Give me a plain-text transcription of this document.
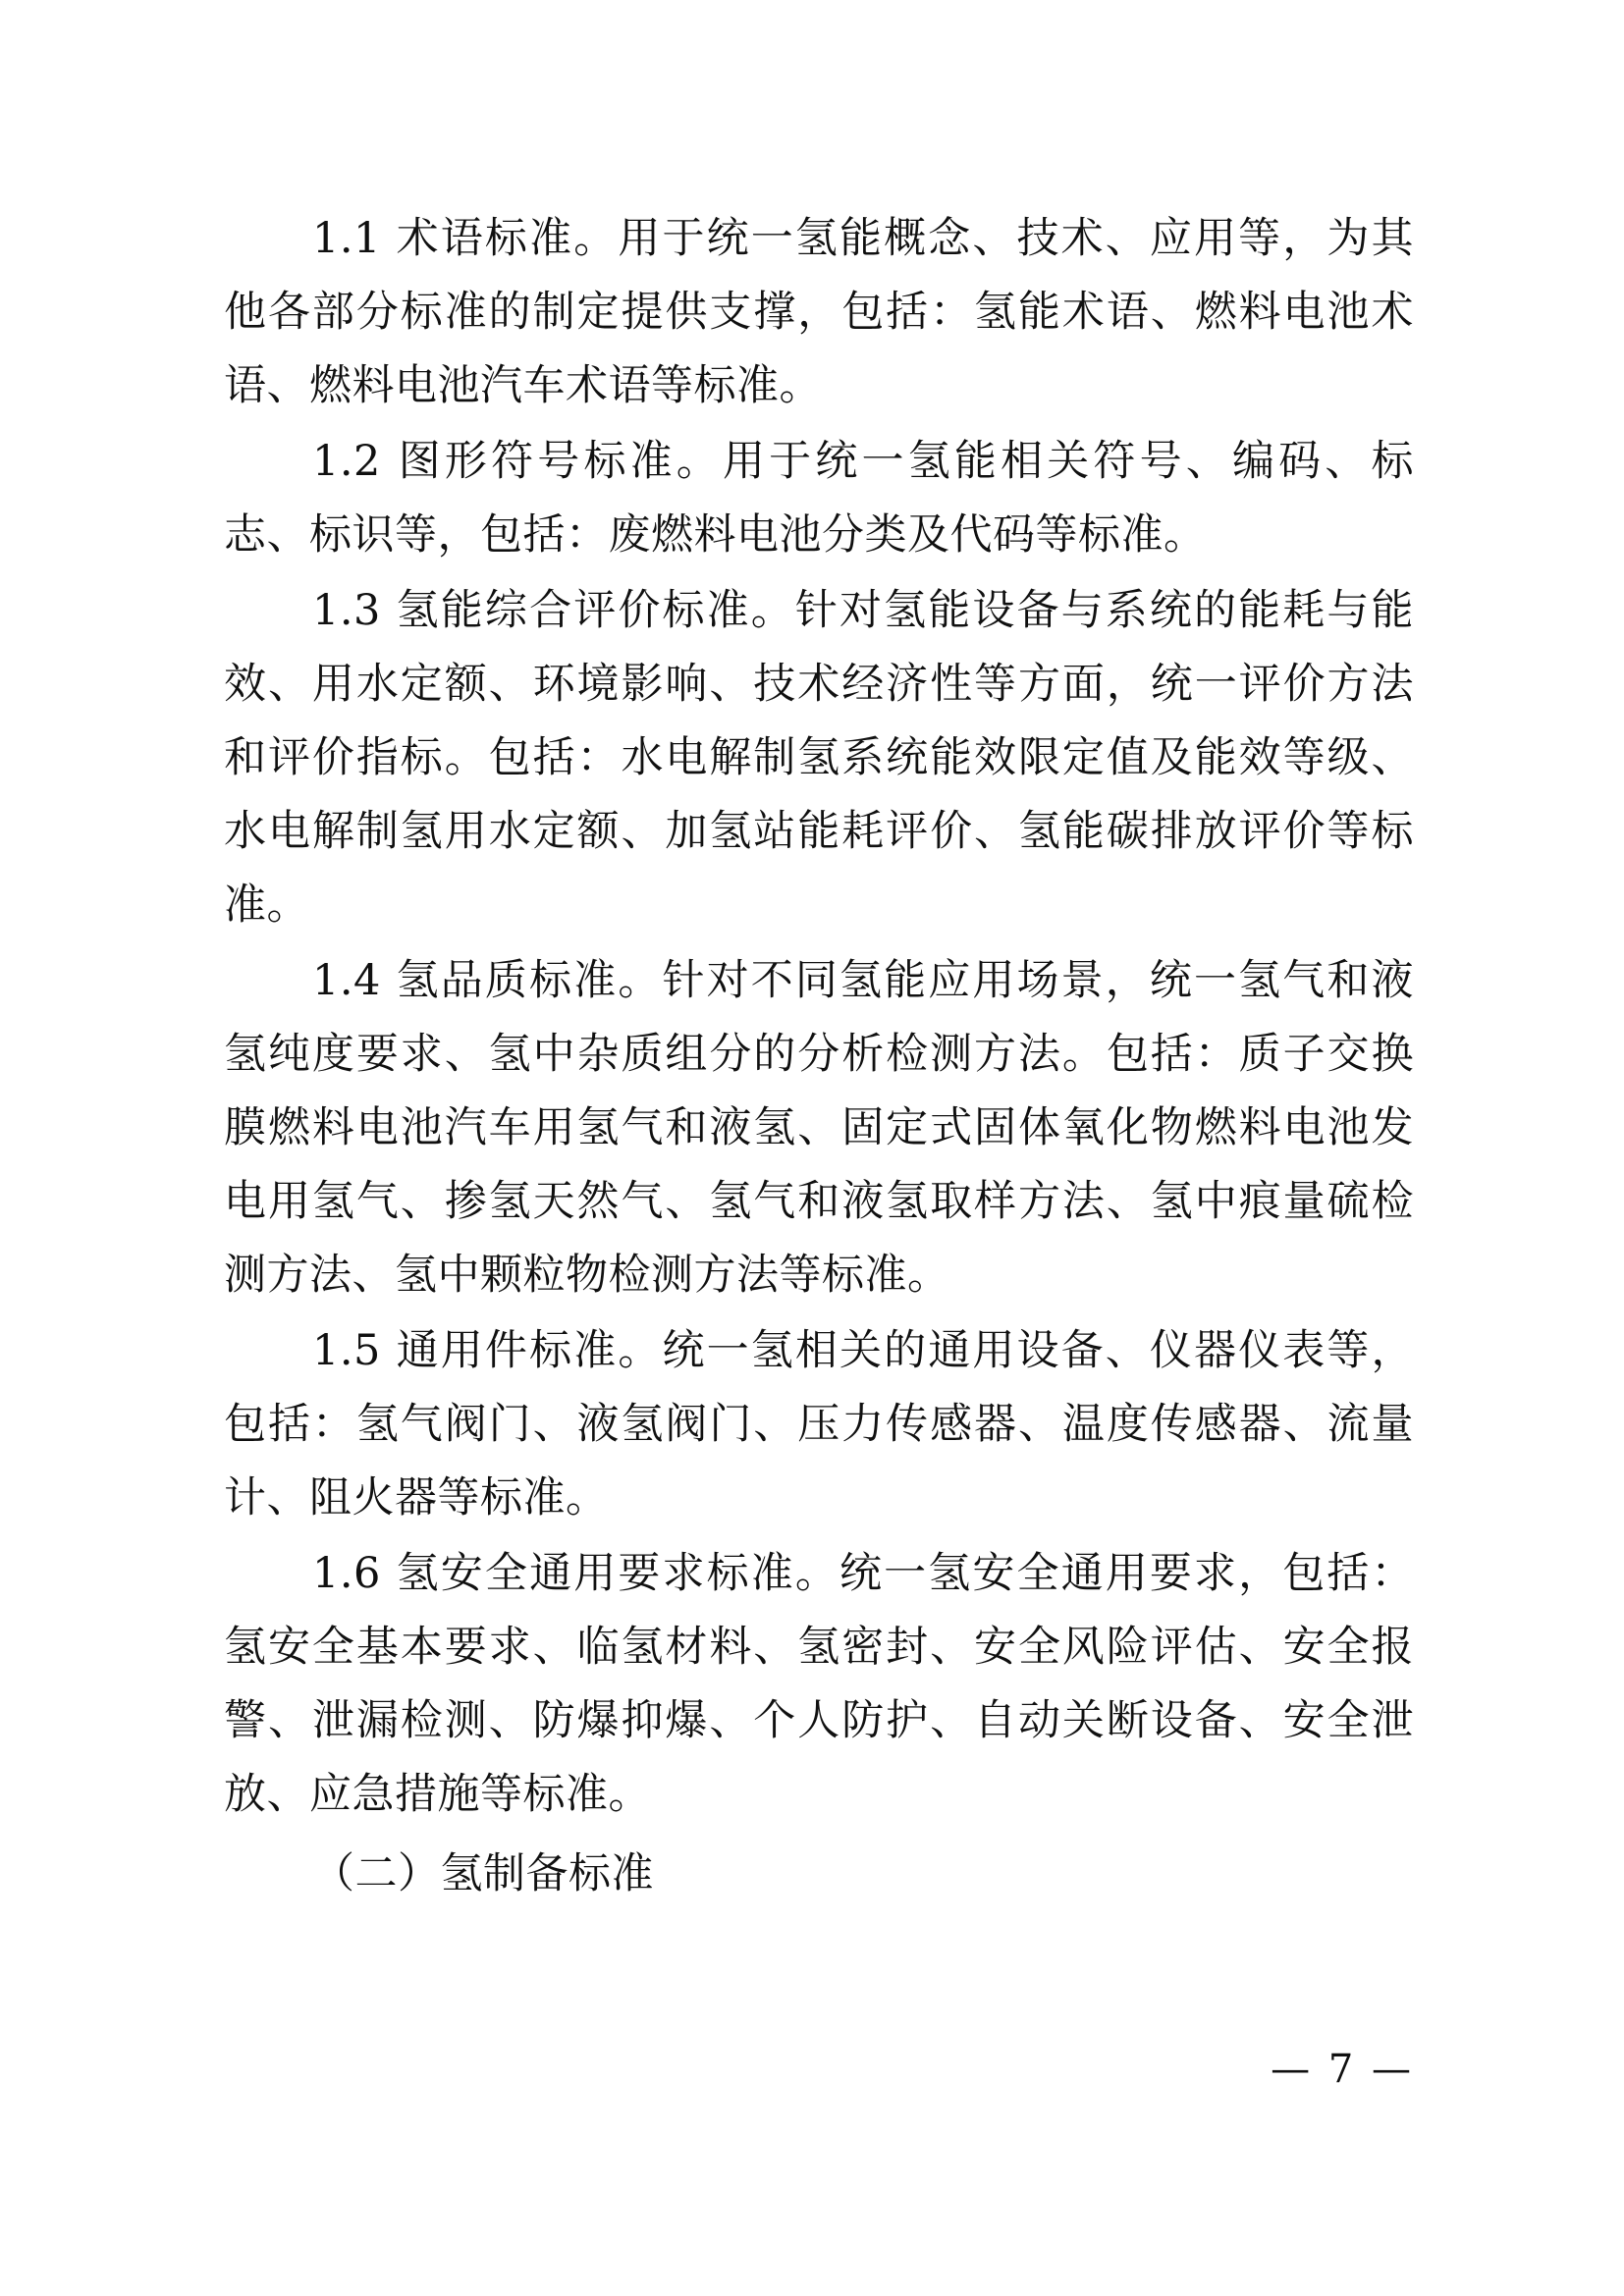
1.1 术语标准。用于统一氢能概念、技术、应用等，为其他各部分标准的制定提供支撑，包括：氢能术语、燃料电池术语、燃料电池汽车术语等标准。

1.2 图形符号标准。用于统一氢能相关符号、编码、标志、标识等，包括：废燃料电池分类及代码等标准。

1.3 氢能综合评价标准。针对氢能设备与系统的能耗与能效、用水定额、环境影响、技术经济性等方面，统一评价方法和评价指标。包括：水电解制氢系统能效限定值及能效等级、水电解制氢用水定额、加氢站能耗评价、氢能碳排放评价等标准。

1.4 氢品质标准。针对不同氢能应用场景，统一氢气和液氢纯度要求、氢中杂质组分的分析检测方法。包括：质子交换膜燃料电池汽车用氢气和液氢、固定式固体氧化物燃料电池发电用氢气、掺氢天然气、氢气和液氢取样方法、氢中痕量硫检测方法、氢中颗粒物检测方法等标准。

1.5 通用件标准。统一氢相关的通用设备、仪器仪表等，包括：氢气阀门、液氢阀门、压力传感器、温度传感器、流量计、阻火器等标准。

1.6 氢安全通用要求标准。统一氢安全通用要求，包括：氢安全基本要求、临氢材料、氢密封、安全风险评估、安全报警、泄漏检测、防爆抑爆、个人防护、自动关断设备、安全泄放、应急措施等标准。

（二）氢制备标准

— 7 —
